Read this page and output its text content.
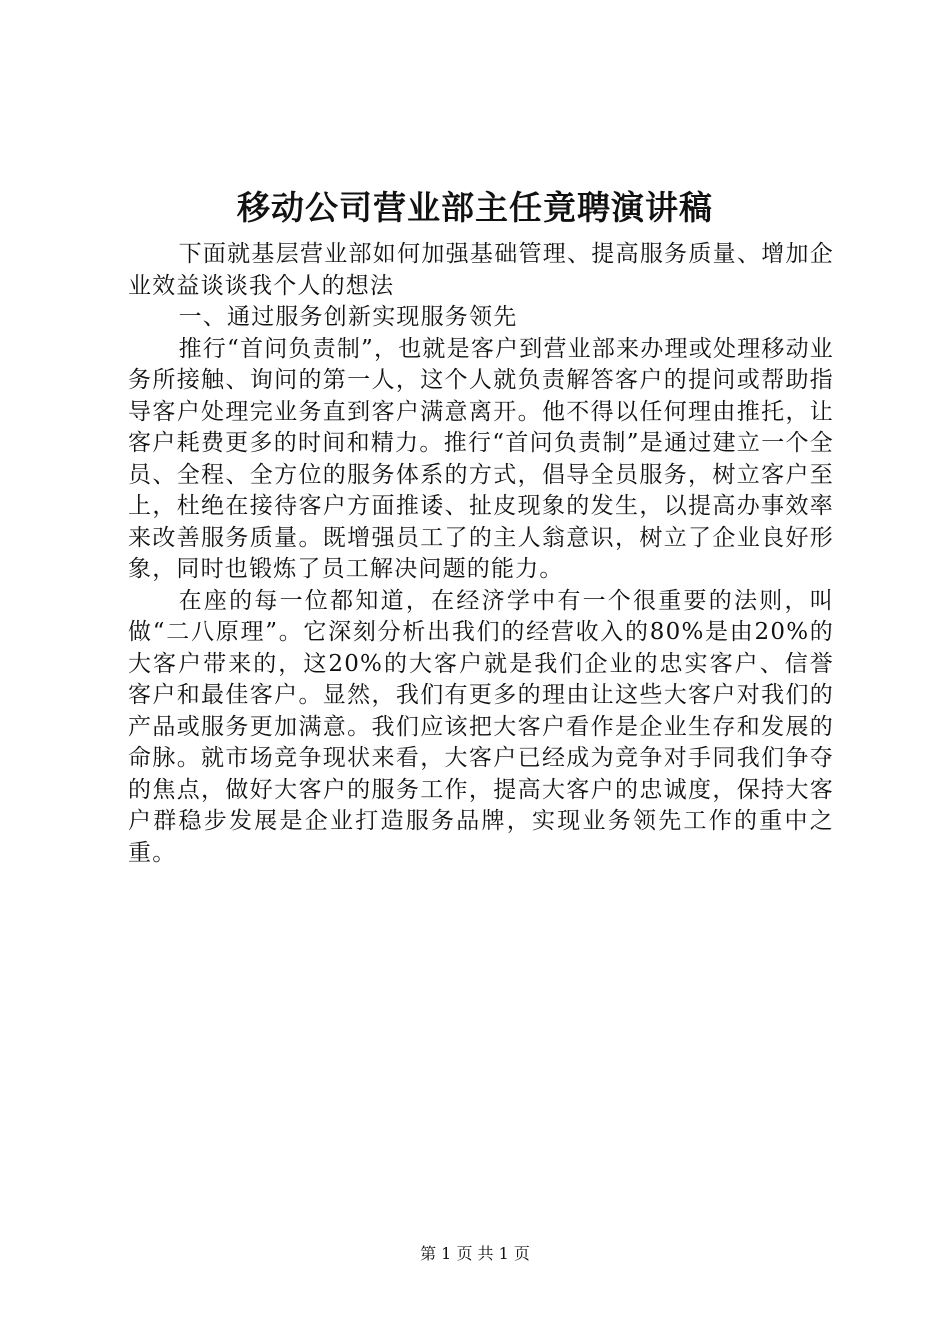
移动公司营业部主任竟聘演讲稿

下面就基层营业部如何加强基础管理、提高服务质量、增加企业效益谈谈我个人的想法

一、通过服务创新实现服务领先

推行“首问负责制”，也就是客户到营业部来办理或处理移动业务所接触、询问的第一人，这个人就负责解答客户的提问或帮助指导客户处理完业务直到客户满意离开。他不得以任何理由推托，让客户耗费更多的时间和精力。推行“首问负责制”是通过建立一个全员、全程、全方位的服务体系的方式，倡导全员服务，树立客户至上，杜绝在接待客户方面推诿、扯皮现象的发生，以提高办事效率来改善服务质量。既增强员工了的主人翁意识，树立了企业良好形象，同时也锻炼了员工解决问题的能力。

在座的每一位都知道，在经济学中有一个很重要的法则，叫做“二八原理”。它深刻分析出我们的经营收入的80%是由20%的大客户带来的，这20%的大客户就是我们企业的忠实客户、信誉客户和最佳客户。显然，我们有更多的理由让这些大客户对我们的产品或服务更加满意。我们应该把大客户看作是企业生存和发展的命脉。就市场竞争现状来看，大客户已经成为竞争对手同我们争夺的焦点，做好大客户的服务工作，提高大客户的忠诚度，保持大客户群稳步发展是企业打造服务品牌，实现业务领先工作的重中之重。

第 1 页 共 1 页
